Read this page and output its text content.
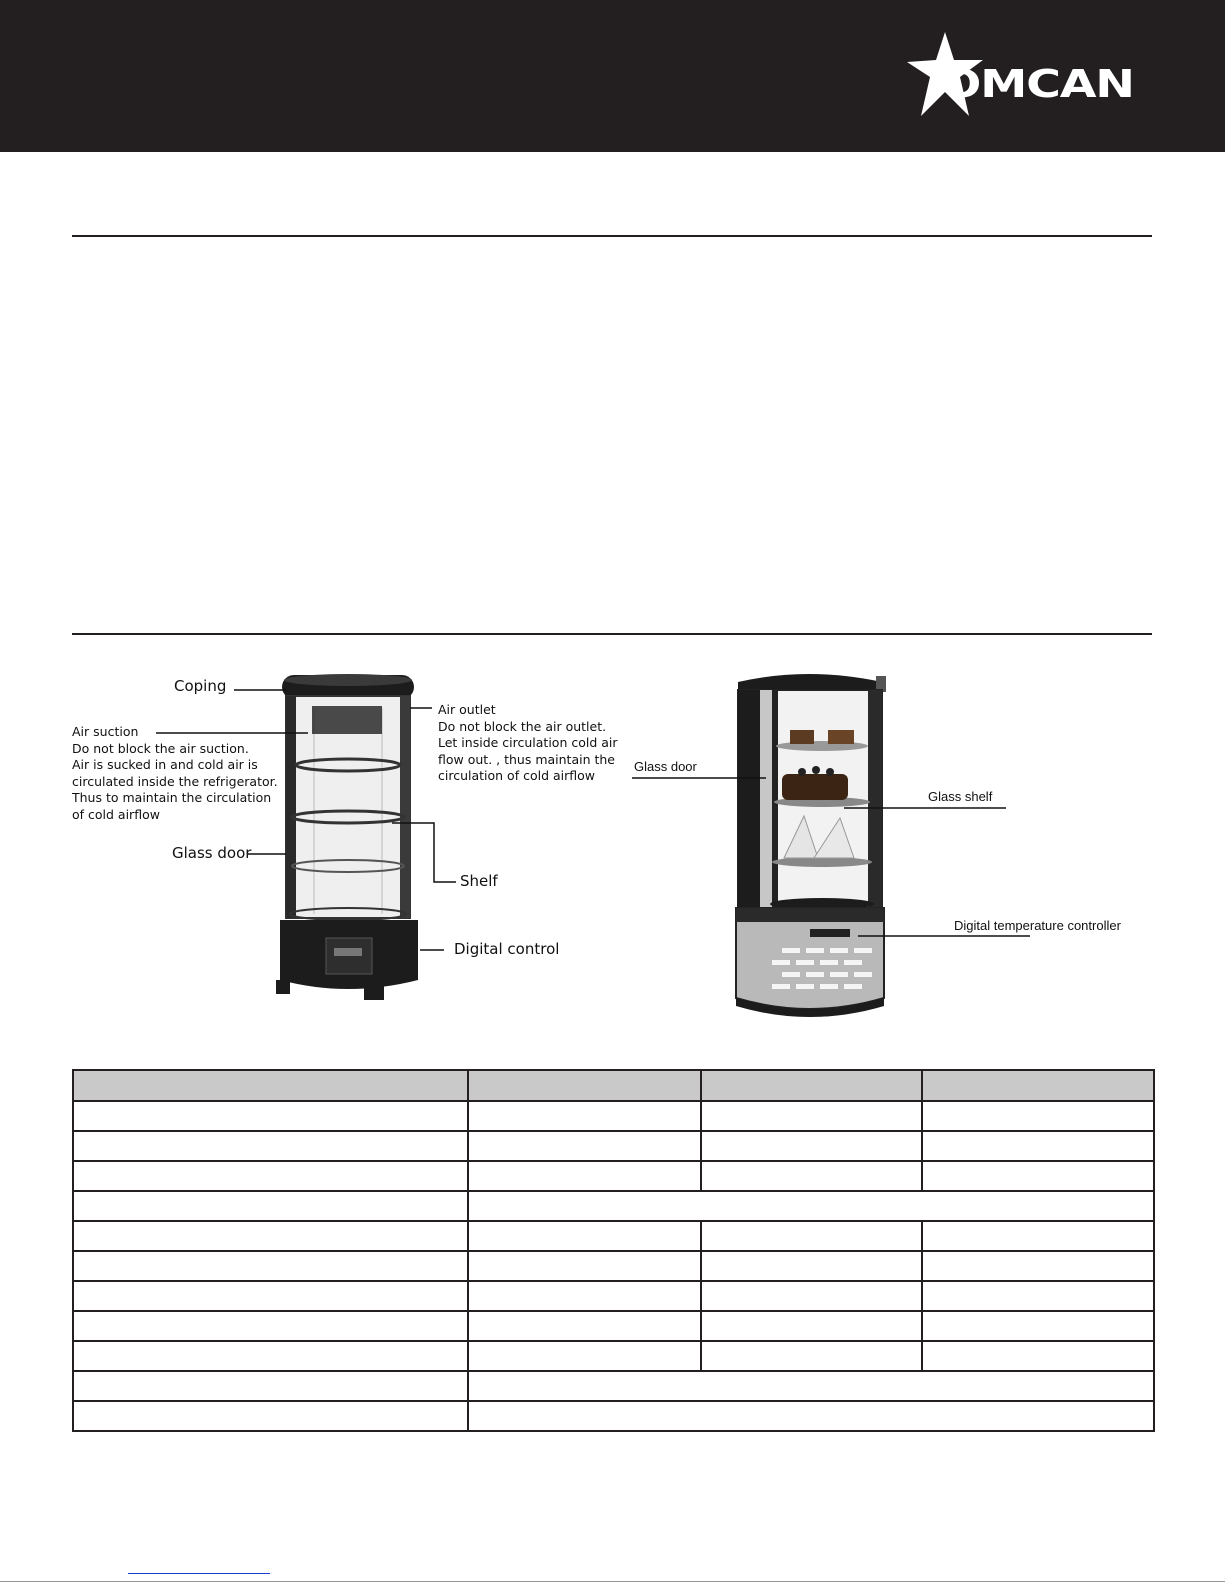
OMCAN
Coping
Air outlet
Do not block the air outlet.
Let inside circulation cold air
flow out. , thus maintain the
circulation of cold airflow
Air suction
Do not block the air suction.
Air is sucked in and cold air is
circulated inside the refrigerator.
Thus to maintain the circulation
of cold airflow
Glass door
Shelf
Digital control
Glass door
Glass shelf
Digital temperature controller
